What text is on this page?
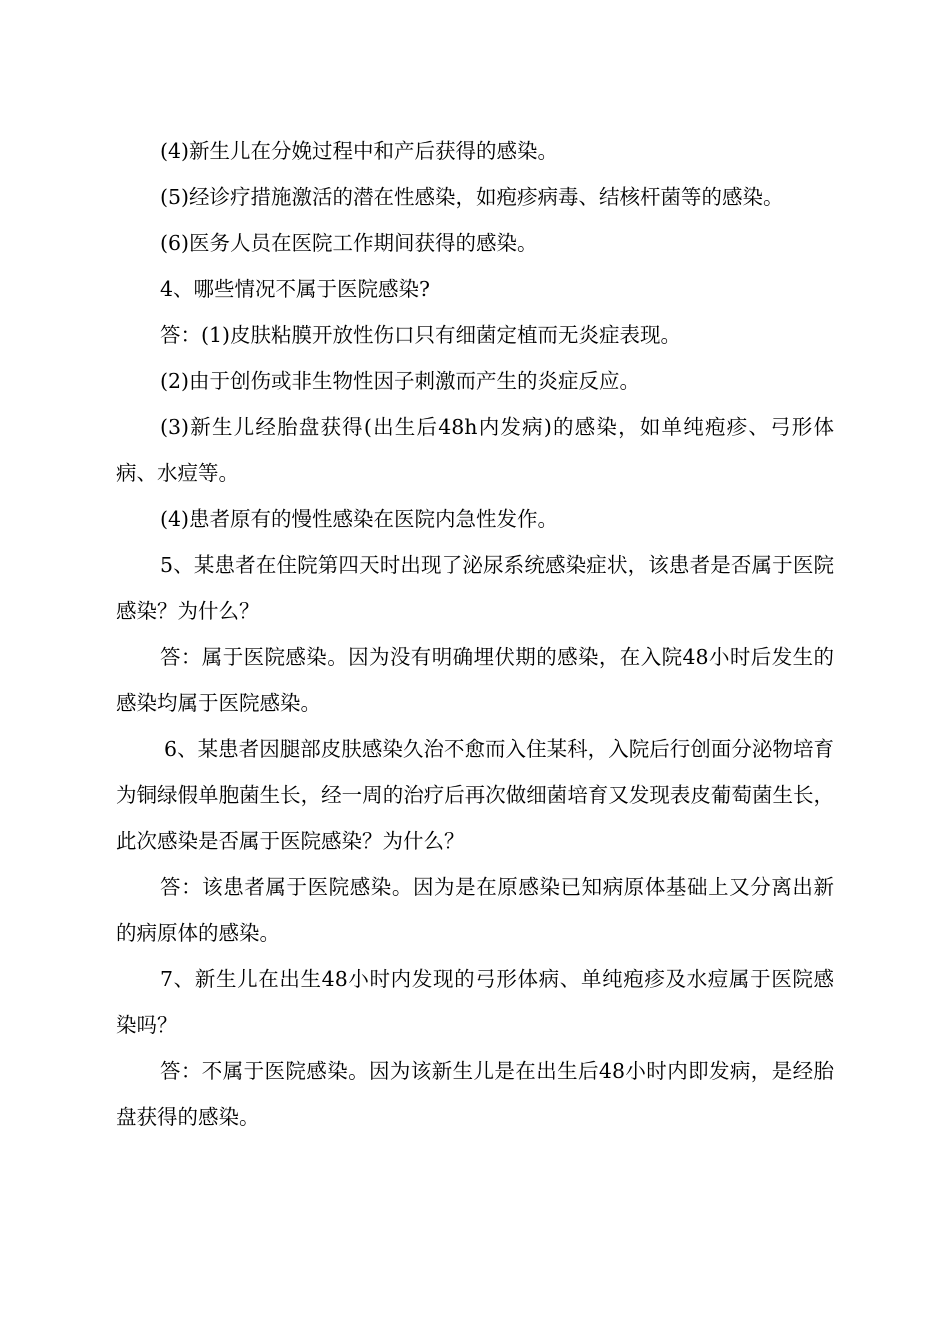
(4)新生儿在分娩过程中和产后获得的感染。

(5)经诊疗措施激活的潜在性感染，如疱疹病毒、结核杆菌等的感染。

(6)医务人员在医院工作期间获得的感染。

4、哪些情况不属于医院感染?

答：(1)皮肤粘膜开放性伤口只有细菌定植而无炎症表现。

(2)由于创伤或非生物性因子刺激而产生的炎症反应。

(3)新生儿经胎盘获得(出生后48h内发病)的感染，如单纯疱疹、弓形体病、水痘等。

(4)患者原有的慢性感染在医院内急性发作。

5、某患者在住院第四天时出现了泌尿系统感染症状，该患者是否属于医院感染？为什么？

答：属于医院感染。因为没有明确埋伏期的感染，在入院48小时后发生的感染均属于医院感染。

6、某患者因腿部皮肤感染久治不愈而入住某科，入院后行创面分泌物培育为铜绿假单胞菌生长，经一周的治疗后再次做细菌培育又发现表皮葡萄菌生长，此次感染是否属于医院感染？为什么？

答：该患者属于医院感染。因为是在原感染已知病原体基础上又分离出新的病原体的感染。

7、新生儿在出生48小时内发现的弓形体病、单纯疱疹及水痘属于医院感染吗？

答：不属于医院感染。因为该新生儿是在出生后48小时内即发病，是经胎盘获得的感染。
